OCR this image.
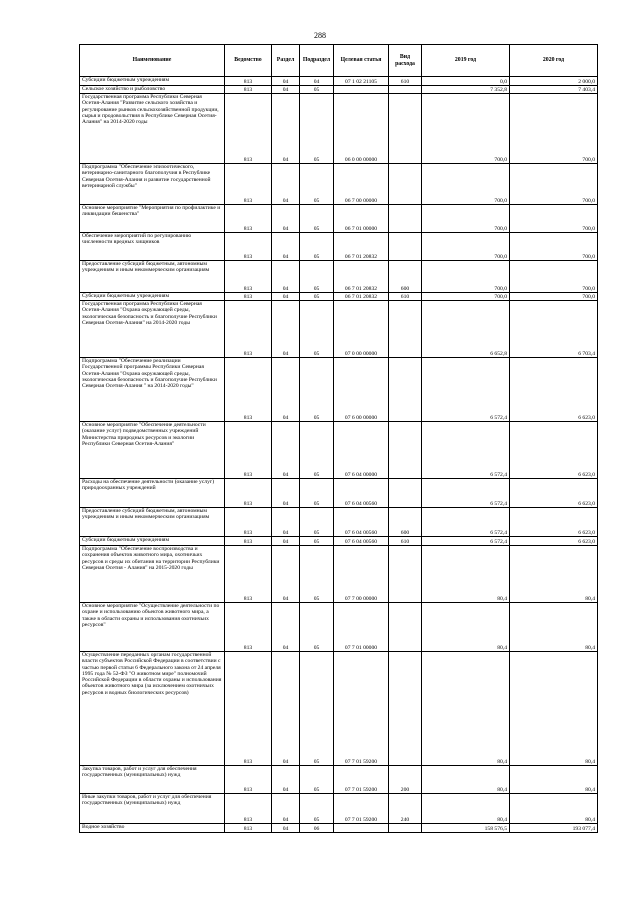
288
Наименование	Ведомство	Раздел	Подраздел	Целевая статья	Вид расхода	2019 год	2020 год
Субсидии бюджетным учреждениям	813	04	04	07 1 02 21105	610	0,0	2 000,0
Сельское хозяйство и рыболовство	813	04	05			7 352,8	7 403,4
Государственная программа Республики Северная Осетия-Алания "Развитие сельского хозяйства и регулирование рынков сельскохозяйственной продукции, сырья и продовольствия в Республике Северная Осетия-Алания" на 2014-2020 годы	813	04	05	06 0 00 00000		700,0	700,0
Подпрограмма "Обеспечение эпизоотического, ветеринарно-санитарного благополучия в Республике Северная Осетия-Алания и развитие государственной ветеринарной службы"	813	04	05	06 7 00 00000		700,0	700,0
Основное мероприятие "Мероприятия по профилактике и ликвидации бешенства"	813	04	05	06 7 01 00000		700,0	700,0
Обеспечение мероприятий по регулированию численности вредных хищников	813	04	05	06 7 01 20832		700,0	700,0
Предоставление субсидий бюджетным, автономным учреждениям и иным некоммерческим организациям	813	04	05	06 7 01 20832	600	700,0	700,0
Субсидии бюджетным учреждениям	813	04	05	06 7 01 20832	610	700,0	700,0
Государственная программа Республики Северная Осетия-Алания "Охрана окружающей среды, экологическая безопасность и благополучие Республики Северная Осетия-Алания" на 2014-2020 годы	813	04	05	07 0 00 00000		6 652,8	6 703,4
Подпрограмма "Обеспечение реализации Государственной программы Республики Северная Осетия-Алания "Охрана окружающей среды, экологическая безопасность и благополучие Республики Северная Осетия-Алания " на 2014-2020 годы"	813	04	05	07 6 00 00000		6 572,4	6 623,0
Основное мероприятие "Обеспечение деятельности (оказание услуг) подведомственных учреждений Министерства природных ресурсов и экологии Республики Северная Осетия-Алания"	813	04	05	07 6 04 00000		6 572,4	6 623,0
Расходы на обеспечение деятельности (оказание услуг) природоохранных учреждений	813	04	05	07 6 04 00560		6 572,4	6 623,0
Предоставление субсидий бюджетным, автономным учреждениям и иным некоммерческим организациям	813	04	05	07 6 04 00560	600	6 572,4	6 623,0
Субсидии бюджетным учреждениям	813	04	05	07 6 04 00560	610	6 572,4	6 623,0
Подпрограмма "Обеспечение воспроизводства и сохранения объектов животного мира, охотничьих ресурсов и среды их обитания на территории Республики Северная Осетия - Алания" на 2015-2020 годы	813	04	05	07 7 00 00000		80,4	80,4
Основное мероприятие "Осуществление деятельности по охране и использованию объектов животного мира, а также в области охраны и использования охотничьих ресурсов"	813	04	05	07 7 01 00000		80,4	80,4
Осуществление переданных органам государственной власти субъектов Российской Федерации в соответствии с частью первой статьи 6 Федерального закона от 24 апреля 1995 года № 52-ФЗ "О животном мире" полномочий Российской Федерации в области охраны и использования объектов животного мира (за исключением охотничьих ресурсов и водных биологических ресурсов)	813	04	05	07 7 01 59200		80,4	80,4
Закупка товаров, работ и услуг для обеспечения государственных (муниципальных) нужд	813	04	05	07 7 01 59200	200	80,4	80,4
Иные закупки товаров, работ и услуг для обеспечения государственных (муниципальных) нужд	813	04	05	07 7 01 59200	240	80,4	80,4
Водное хозяйство	813	04	06			158 576,5	193 077,4
